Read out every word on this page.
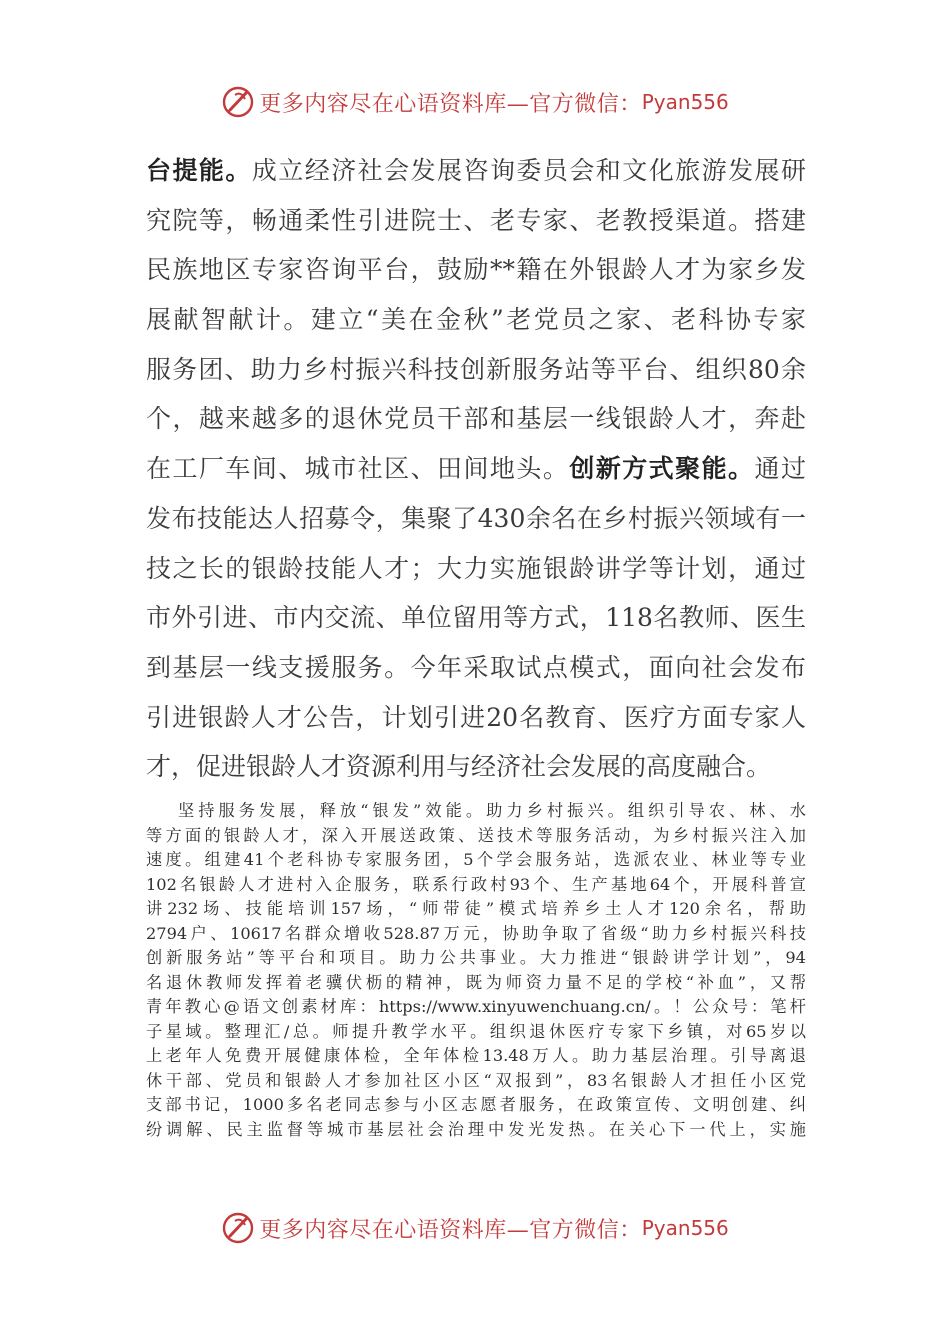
更多内容尽在心语资料库—官方微信： Pyan556
台提能。成立经济社会发展咨询委员会和文化旅游发展研
究院等，畅通柔性引进院士、老专家、老教授渠道。搭建
民族地区专家咨询平台，鼓励**籍在外银龄人才为家乡发
展献智献计。建立“美在金秋”老党员之家、老科协专家
服务团、助力乡村振兴科技创新服务站等平台、组织80余
个，越来越多的退休党员干部和基层一线银龄人才，奔赴
在工厂车间、城市社区、田间地头。创新方式聚能。通过
发布技能达人招募令，集聚了430余名在乡村振兴领域有一
技之长的银龄技能人才；大力实施银龄讲学等计划，通过
市外引进、市内交流、单位留用等方式，118名教师、医生
到基层一线支援服务。今年采取试点模式，面向社会发布
引进银龄人才公告，计划引进20名教育、医疗方面专家人
才，促进银龄人才资源利用与经济社会发展的高度融合。
坚持服务发展，释放“银发”效能。助力乡村振兴。组织引导农、林、水
等方面的银龄人才，深入开展送政策、送技术等服务活动，为乡村振兴注入加
速度。组建41个老科协专家服务团，5个学会服务站，选派农业、林业等专业
102名银龄人才进村入企服务，联系行政村93个、生产基地64个，开展科普宣
讲232场、技能培训157场，“师带徒”模式培养乡土人才120余名，帮助
2794户、10617名群众增收528.87万元，协助争取了省级“助力乡村振兴科技
创新服务站”等平台和项目。助力公共事业。大力推进“银龄讲学计划”，94
名退休教师发挥着老骥伏枥的精神，既为师资力量不足的学校“补血”，又帮
青年教心@语文创素材库：https://www.xinyuwenchuang.cn/。！公众号：笔杆
子星域。整理汇/总。师提升教学水平。组织退休医疗专家下乡镇，对65岁以
上老年人免费开展健康体检，全年体检13.48万人。助力基层治理。引导离退
休干部、党员和银龄人才参加社区小区“双报到”，83名银龄人才担任小区党
支部书记，1000多名老同志参与小区志愿者服务，在政策宣传、文明创建、纠
纷调解、民主监督等城市基层社会治理中发光发热。在关心下一代上，实施
更多内容尽在心语资料库—官方微信： Pyan556
